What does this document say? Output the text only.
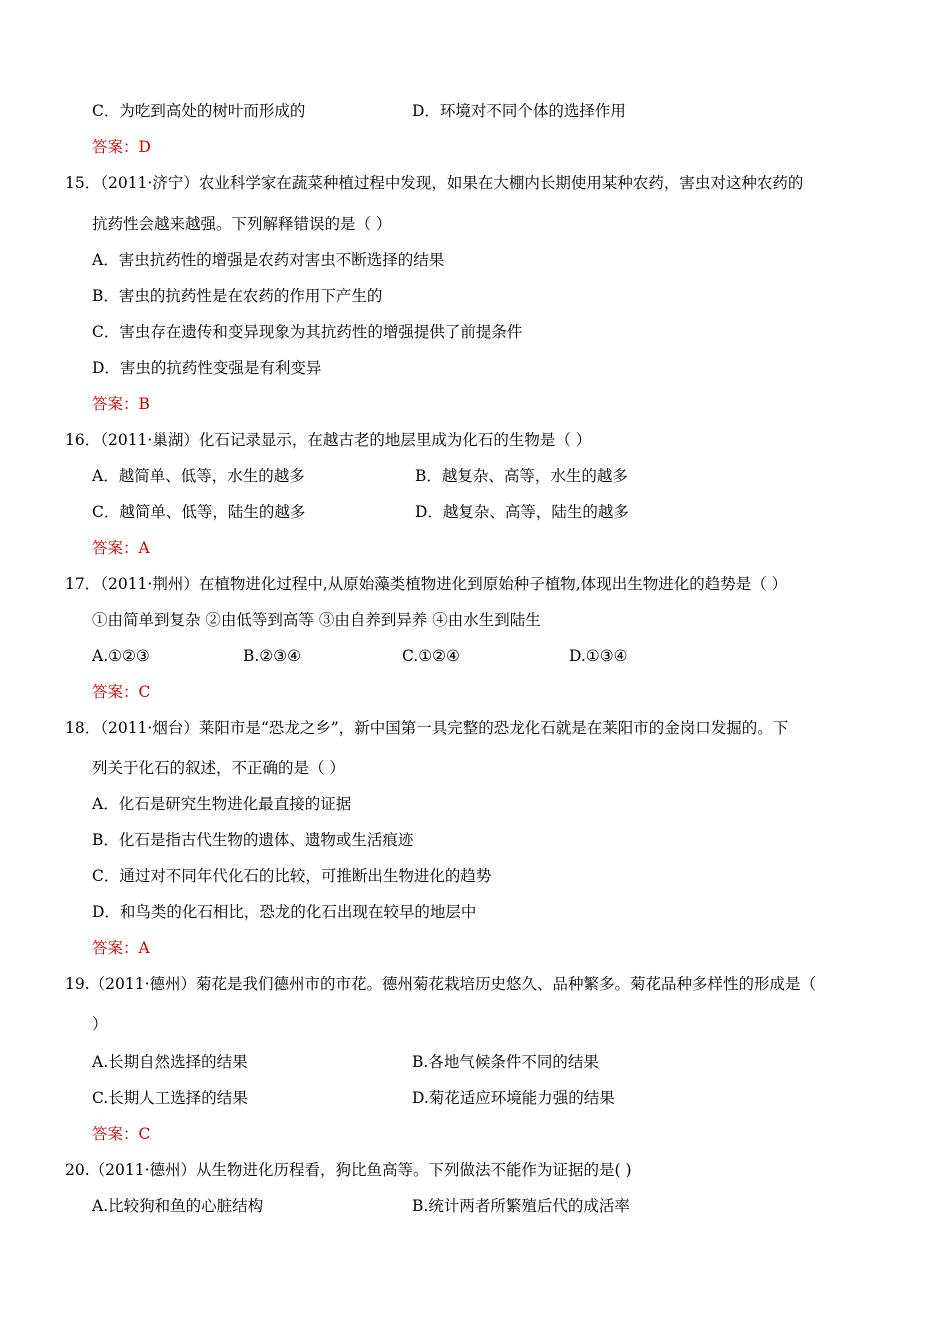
C．为吃到高处的树叶而形成的	D．环境对不同个体的选择作用
答案：D
15．（2011·济宁）农业科学家在蔬菜种植过程中发现，如果在大棚内长期使用某种农药，害虫对这种农药的
抗药性会越来越强。下列解释错误的是（ ）
A．害虫抗药性的增强是农药对害虫不断选择的结果
B．害虫的抗药性是在农药的作用下产生的
C．害虫存在遗传和变异现象为其抗药性的增强提供了前提条件
D．害虫的抗药性变强是有利变异
答案：B
16．（2011·巢湖）化石记录显示，在越古老的地层里成为化石的生物是（ ）
A．越简单、低等，水生的越多	B．越复杂、高等，水生的越多
C．越简单、低等，陆生的越多	D．越复杂、高等，陆生的越多
答案：A
17．（2011·荆州）在植物进化过程中,从原始藻类植物进化到原始种子植物,体现出生物进化的趋势是（ ）
①由简单到复杂 ②由低等到高等 ③由自养到异养 ④由水生到陆生
A.①②③	B.②③④	C.①②④	D.①③④
答案：C
18．（2011·烟台）莱阳市是“恐龙之乡”，新中国第一具完整的恐龙化石就是在莱阳市的金岗口发掘的。下
列关于化石的叙述，不正确的是（ ）
A．化石是研究生物进化最直接的证据
B．化石是指古代生物的遗体、遗物或生活痕迹
C．通过对不同年代化石的比较，可推断出生物进化的趋势
D．和鸟类的化石相比，恐龙的化石出现在较早的地层中
答案：A
19.（2011·德州）菊花是我们德州市的市花。德州菊花栽培历史悠久、品种繁多。菊花品种多样性的形成是（
）
A.长期自然选择的结果	B.各地气候条件不同的结果
C.长期人工选择的结果	D.菊花适应环境能力强的结果
答案：C
20.（2011·德州）从生物进化历程看，狗比鱼高等。下列做法不能作为证据的是( )
A.比较狗和鱼的心脏结构	B.统计两者所繁殖后代的成活率
